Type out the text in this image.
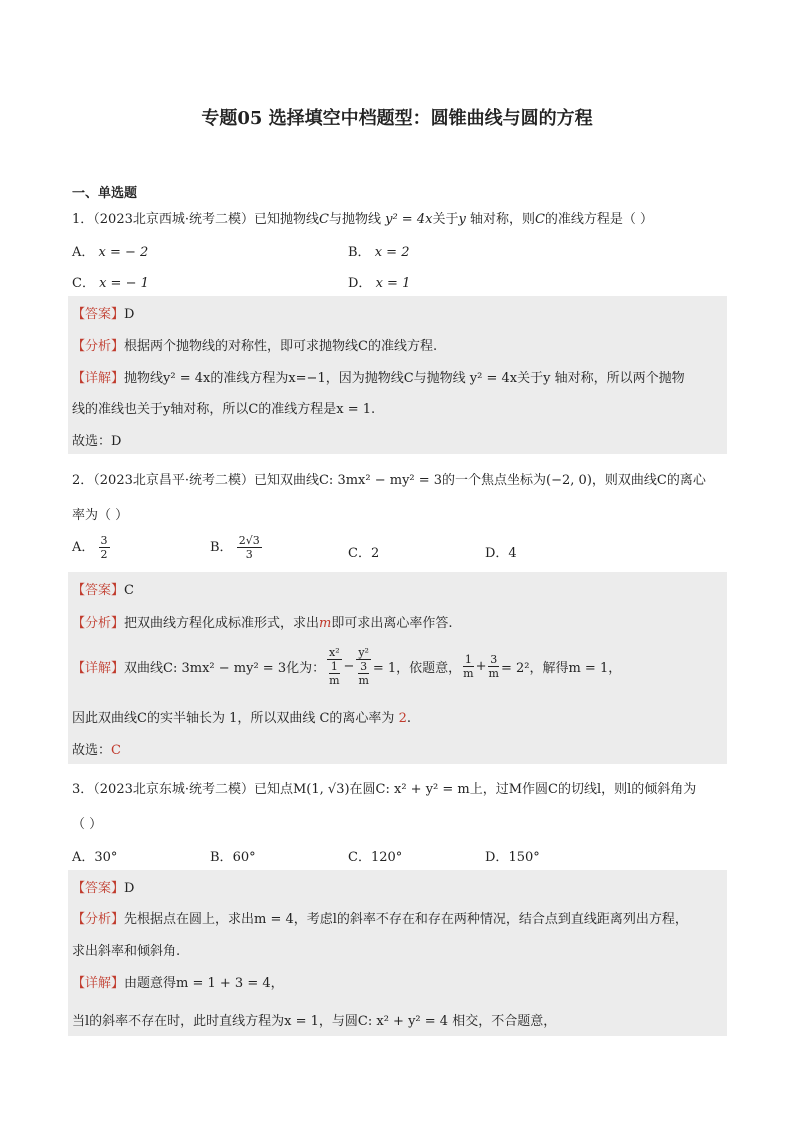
专题05 选择填空中档题型：圆锥曲线与圆的方程
一、单选题
1．（2023北京西城·统考二模）已知抛物线C与抛物线 y² = 4x关于y 轴对称，则C的准线方程是（ ）
A． x = − 2	B． x = 2
C． x = − 1	D． x = 1
【答案】D
【分析】根据两个抛物线的对称性，即可求抛物线C的准线方程.
【详解】抛物线y² = 4x的准线方程为x=−1，因为抛物线C与抛物线 y² = 4x关于y 轴对称，所以两个抛物
线的准线也关于y轴对称，所以C的准线方程是x = 1.
故选：D
2．（2023北京昌平·统考二模）已知双曲线C: 3mx² − my² = 3的一个焦点坐标为(−2, 0)，则双曲线C的离心
率为（ ）
A． $\frac{3}{2}$	B． $\frac{2√3}{3}$	C．2	D．4
【答案】C
【分析】把双曲线方程化成标准形式，求出m即可求出离心率作答.
【详解】 双曲线C: 3mx² − my² = 3化为： $\frac{\text{x²}}{\frac{1}{m}} - \frac{\text{y²}}{\frac{3}{m}} = 1$，依题意， $\frac{1}{m} + \frac{3}{m} = 2^2$，解得m = 1，
因此双曲线C的实半轴长为 1，所以双曲线 C的离心率为 2.
故选：C
3．（2023北京东城·统考二模）已知点M(1, √3)在圆C: x² + y² = m上，过M作圆C的切线l，则l的倾斜角为
（ ）
A．30°	B．60°	C．120°	D．150°
【答案】D
【分析】先根据点在圆上，求出m = 4，考虑l的斜率不存在和存在两种情况，结合点到直线距离列出方程，
求出斜率和倾斜角.
【详解】由题意得m = 1 + 3 = 4，
当l的斜率不存在时，此时直线方程为x = 1，与圆C: x² + y² = 4 相交，不合题意，
